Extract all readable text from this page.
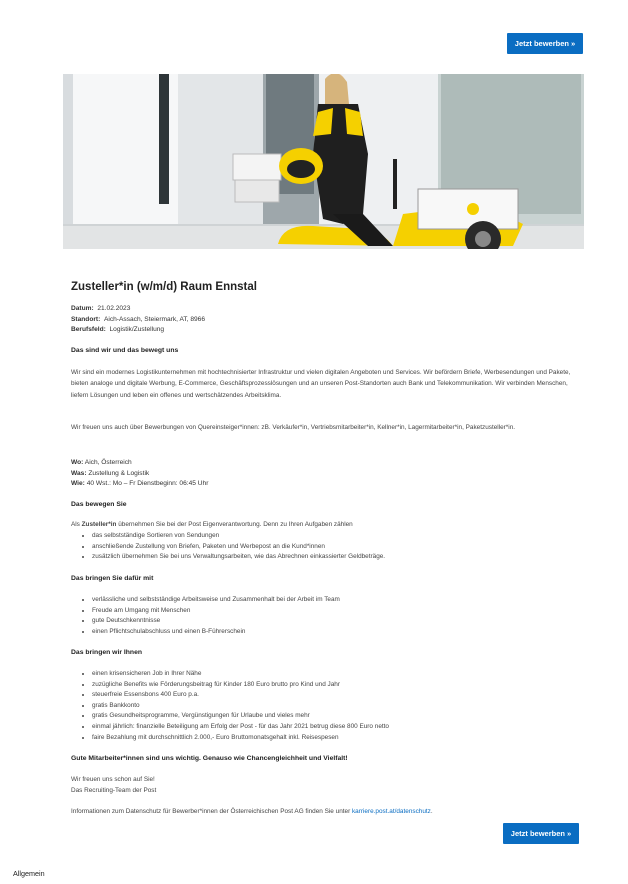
Jetzt bewerben »
Zusteller*in (w/m/d) Raum Ennstal
Datum: 21.02.2023
Standort: Aich-Assach, Steiermark, AT, 8966
Berufsfeld: Logistik/Zustellung
Das sind wir und das bewegt uns

Wir sind ein modernes Logistikunternehmen mit hochtechnisierter Infrastruktur und vielen digitalen Angeboten und Services. Wir befördern Briefe, Werbesendungen und Pakete, bieten analoge und digitale Werbung, E-Commerce, Geschäftsprozesslösungen und an unseren Post-Standorten auch Bank und Telekommunikation. Wir verbinden Menschen, liefern Lösungen und leben ein offenes und wertschätzendes Arbeitsklima.

Wir freuen uns auch über Bewerbungen von Quereinsteiger*innen: zB. Verkäufer*in, Vertriebsmitarbeiter*in, Kellner*in, Lagermitarbeiter*in, Paketzusteller*in.

Wo: Aich, Österreich
Was: Zustellung & Logistik
Wie: 40 Wst.: Mo – Fr Dienstbeginn: 06:45 Uhr
Das bewegen Sie

Als Zusteller*in übernehmen Sie bei der Post Eigenverantwortung. Denn zu Ihren Aufgaben zählen

• das selbstständige Sortieren von Sendungen
• anschließende Zustellung von Briefen, Paketen und Werbepost an die Kund*innen
• zusätzlich übernehmen Sie bei uns Verwaltungsarbeiten, wie das Abrechnen einkassierter Geldbeträge.
Das bringen Sie dafür mit
• verlässliche und selbstständige Arbeitsweise und Zusammenhalt bei der Arbeit im Team
• Freude am Umgang mit Menschen
• gute Deutschkenntnisse
• einen Pflichtschulabschluss und einen B-Führerschein
Das bringen wir Ihnen
• einen krisensicheren Job in Ihrer Nähe
• zuzügliche Benefits wie Förderungsbeitrag für Kinder 180 Euro brutto pro Kind und Jahr
• steuerfreie Essensbons 400 Euro p.a.
• gratis Bankkonto
• gratis Gesundheitsprogramme, Vergünstigungen für Urlaube und vieles mehr
• einmal jährlich: finanzielle Beteiligung am Erfolg der Post - für das Jahr 2021 betrug diese 800 Euro netto
• faire Bezahlung mit durchschnittlich 2.000,- Euro Bruttomonatsgehalt inkl. Reisespesen
Gute Mitarbeiter*innen sind uns wichtig. Genauso wie Chancengleichheit und Vielfalt!

Wir freuen uns schon auf Sie!

Das Recruiting-Team der Post

Informationen zum Datenschutz für Bewerber*innen der Österreichischen Post AG finden Sie unter karriere.post.at/datenschutz.

Jetzt bewerben »
Allgemein
